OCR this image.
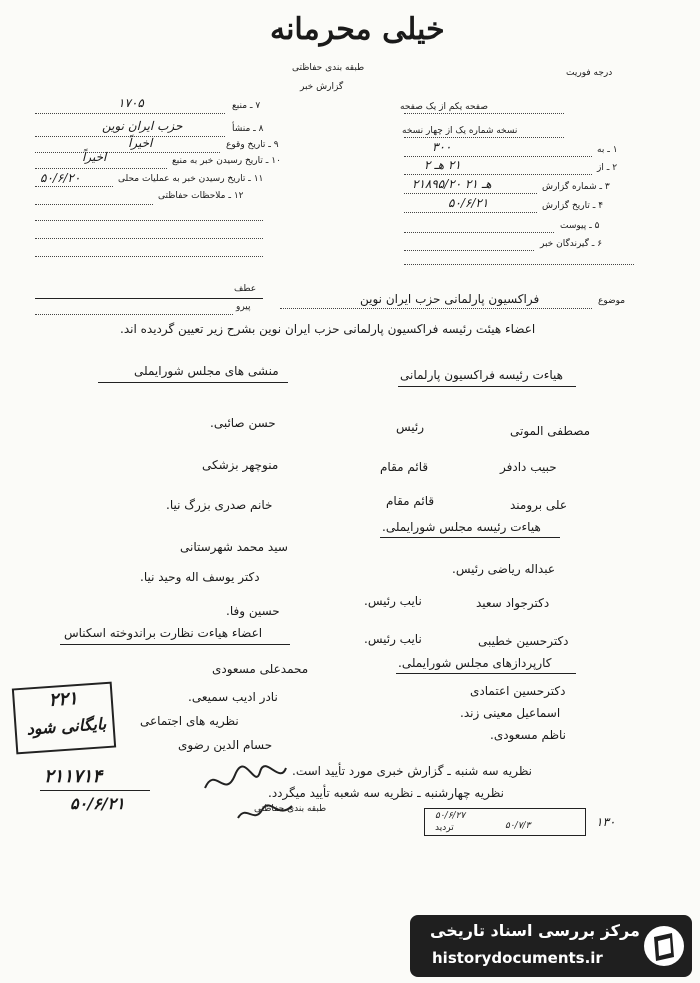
خیلی محرمانه
طبقه بندی حفاظتی
گزارش خبر
درجه فوریت
۷ ـ منبع
۱۷۰۵
۸ ـ منشأ
حزب ایران نوین
۹ ـ تاریخ وقوع
اخیراً
۱۰ ـ تاریخ رسیدن خبر به منبع
اخیراً
۱۱ ـ تاریخ رسیدن خبر به عملیات محلی
۵۰/۶/۲۰
۱۲ ـ ملاحظات حفاظتی
صفحه یکم از یک صفحه
نسخه شماره یک از چهار نسخه
۱ ـ به
۳۰۰
۲ ـ از
۲۱ هـ ۲
۳ ـ شماره گزارش
۲۱۸۹۵/۲۰ هـ ۲۱
۴ ـ تاریخ گزارش
۵۰/۶/۲۱
۵ ـ پیوست
۶ ـ گیرندگان خبر
عطف
پیرو
موضوع
فراکسیون پارلمانی حزب ایران نوین
اعضاء هیئت رئیسه فراکسیون پارلمانی حزب ایران نوین بشرح زیر تعیین گردیده اند.
هیاءت رئیسه فراکسیون پارلمانی
منشی های مجلس شورایملی
مصطفی الموتی
رئیس
حبیب دادفر
قائم مقام
علی برومند
قائم مقام
هیاءت رئیسه مجلس شورایملی.
عبداله ریاضی رئیس.
دکترجواد سعید
نایب رئیس.
دکترحسین خطیبی
نایب رئیس.
کارپردازهای مجلس شورایملی.
دکترحسین اعتمادی
اسماعیل معینی زند.
ناظم مسعودی.
حسن صائبی.
منوچهر بزشکی
خانم صدری بزرگ نیا.
سید محمد شهرستانی
دکتر یوسف اله وحید نیا.
حسین وفا.
اعضاء هیاءت نظارت براندوخته اسکناس
محمدعلی مسعودی
نادر ادیب سمیعی.
نظریه های اجتماعی
حسام الدین رضوی
۲۲۱
بایگانی شود
۲۱۱۷۱۴
۵۰/۶/۲۱
نظریه سه شنبه ـ گزارش خبری مورد تأیید است.
نظریه چهارشنبه ـ نظریه سه شعبه تأیید میگردد.
طبقه بندی حفاظتی
۱۳۰
۵۰/۶/۲۷
۵۰/۷/۳
تردید
مرکز بررسی اسناد تاریخی
historydocuments.ir
